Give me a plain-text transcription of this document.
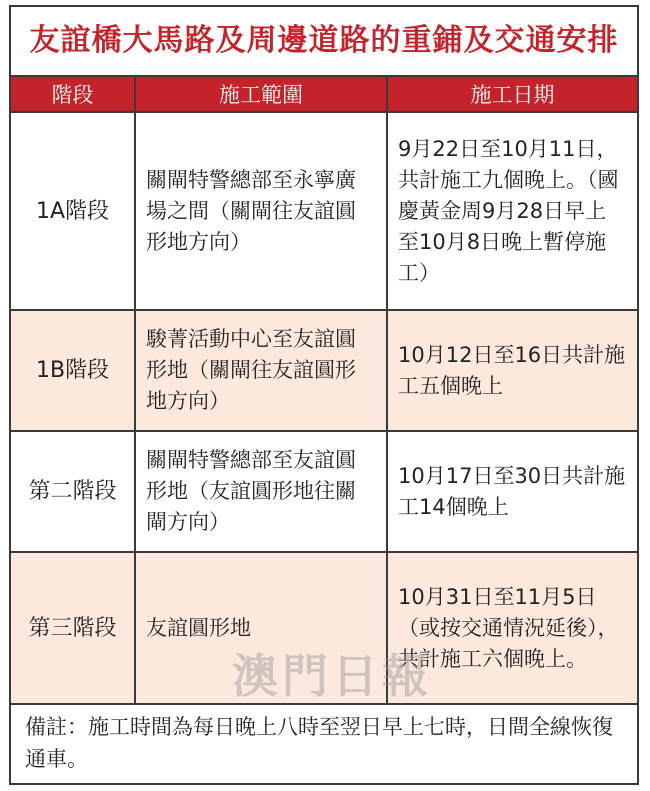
友誼橋大馬路及周邊道路的重鋪及交通安排
階段	施工範圍	施工日期
1A階段	關閘特警總部至永寧廣場之間（關閘往友誼圓形地方向）	9月22日至10月11日，共計施工九個晚上。（國慶黃金周9月28日早上至10月8日晚上暫停施工）
1B階段	駿菁活動中心至友誼圓形地（關閘往友誼圓形地方向）	10月12日至16日共計施工五個晚上
第二階段	關閘特警總部至友誼圓形地（友誼圓形地往關閘方向）	10月17日至30日共計施工14個晚上
第三階段	友誼圓形地	10月31日至11月5日（或按交通情況延後），共計施工六個晚上。
備註：施工時間為每日晚上八時至翌日早上七時，日間全線恢復通車。
澳門日報
